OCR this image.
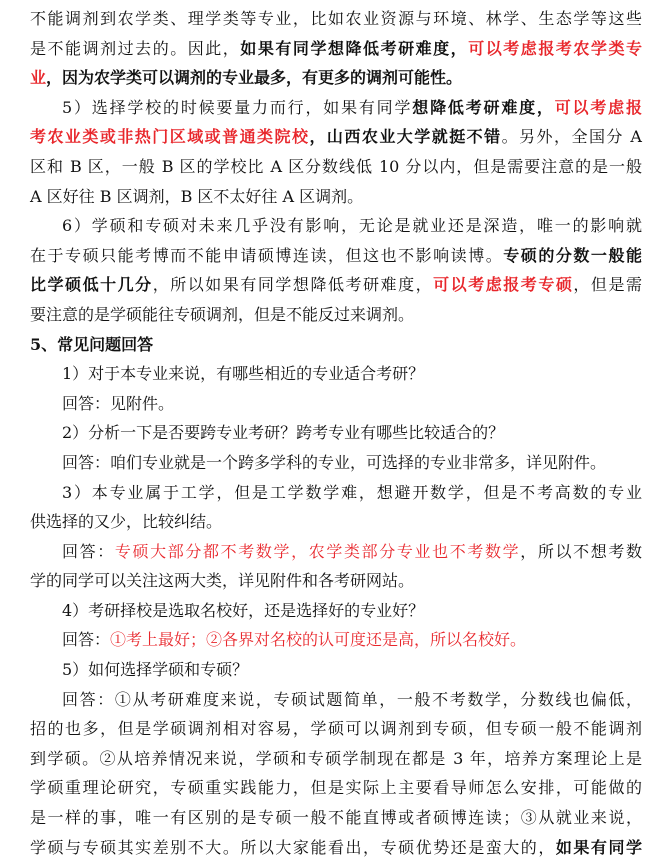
不能调剂到农学类、理学类等专业，比如农业资源与环境、林学、生态学等这些
是不能调剂过去的。因此，如果有同学想降低考研难度，可以考虑报考农学类专
业，因为农学类可以调剂的专业最多，有更多的调剂可能性。
5）选择学校的时候要量力而行，如果有同学想降低考研难度，可以考虑报
考农业类或非热门区域或普通类院校，山西农业大学就挺不错。另外，全国分 A
区和 B 区，一般 B 区的学校比 A 区分数线低 10 分以内，但是需要注意的是一般
A 区好往 B 区调剂，B 区不太好往 A 区调剂。
6）学硕和专硕对未来几乎没有影响，无论是就业还是深造，唯一的影响就
在于专硕只能考博而不能申请硕博连读，但这也不影响读博。专硕的分数一般能
比学硕低十几分，所以如果有同学想降低考研难度，可以考虑报考专硕，但是需
要注意的是学硕能往专硕调剂，但是不能反过来调剂。
5、常见问题回答
1）对于本专业来说，有哪些相近的专业适合考研？
回答：见附件。
2）分析一下是否要跨专业考研？跨考专业有哪些比较适合的？
回答：咱们专业就是一个跨多学科的专业，可选择的专业非常多，详见附件。
3）本专业属于工学，但是工学数学难，想避开数学，但是不考高数的专业
供选择的又少，比较纠结。
回答：专硕大部分都不考数学，农学类部分专业也不考数学，所以不想考数
学的同学可以关注这两大类，详见附件和各考研网站。
4）考研择校是选取名校好，还是选择好的专业好？
回答：①考上最好；②各界对名校的认可度还是高，所以名校好。
5）如何选择学硕和专硕？
回答：①从考研难度来说，专硕试题简单，一般不考数学，分数线也偏低，
招的也多，但是学硕调剂相对容易，学硕可以调剂到专硕，但专硕一般不能调剂
到学硕。②从培养情况来说，学硕和专硕学制现在都是 3 年，培养方案理论上是
学硕重理论研究，专硕重实践能力，但是实际上主要看导师怎么安排，可能做的
是一样的事，唯一有区别的是专硕一般不能直博或者硕博连读；③从就业来说，
学硕与专硕其实差别不大。所以大家能看出，专硕优势还是蛮大的，如果有同学
